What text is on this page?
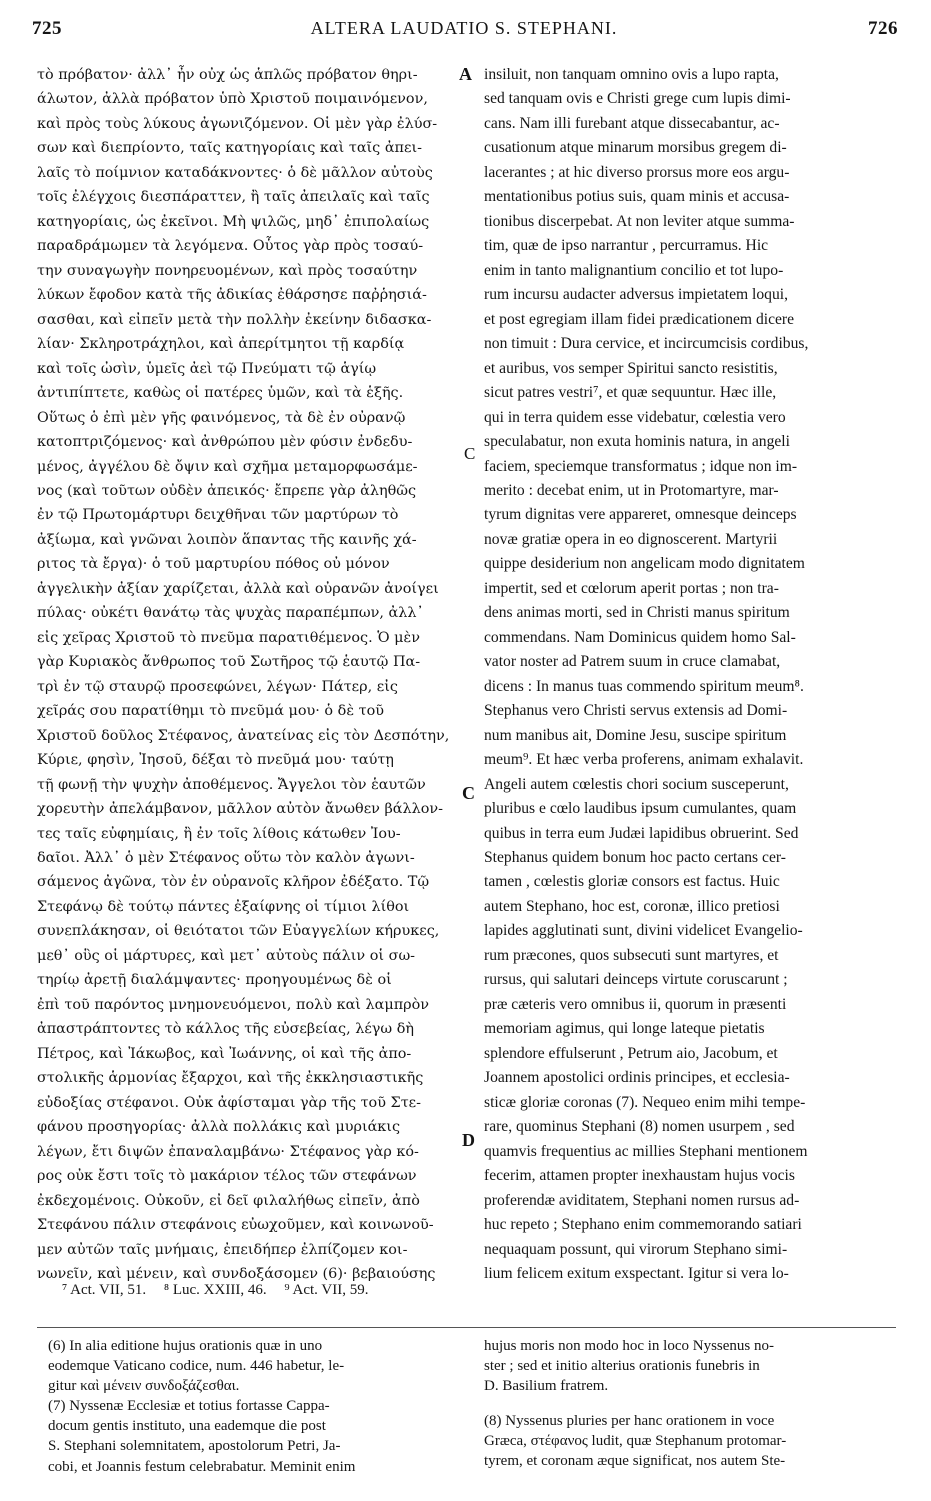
725	ALTERA LAUDATIO S. STEPHANI.	726
τὸ πρόβατον· ἀλλ᾽ ἦν οὐχ ὡς ἁπλῶς πρόβατον θηρι-
άλωτον, ἀλλὰ πρόβατον ὑπὸ Χριστοῦ ποιμαινόμενον,
καὶ πρὸς τοὺς λύκους ἀγωνιζόμενον. Οἱ μὲν γὰρ ἐλύσ-
σων καὶ διεπρίοντο, ταῖς κατηγορίαις καὶ ταῖς ἀπει-
λαῖς τὸ ποίμνιον καταδάκνοντες· ὁ δὲ μᾶλλον αὐτοὺς
τοῖς ἐλέγχοις διεσπάραττεν, ἢ ταῖς ἀπειλαῖς καὶ ταῖς
κατηγορίαις, ὡς ἐκεῖνοι. Μὴ ψιλῶς, μηδ᾽ ἐπιπολαίως
παραδράμωμεν τὰ λεγόμενα. Οὗτος γὰρ πρὸς τοσαύ-
την συναγωγὴν πονηρευομένων, καὶ πρὸς τοσαύτην
λύκων ἔφοδον κατὰ τῆς ἀδικίας ἐθάρσησε παῤῥησιά-
σασθαι, καὶ εἰπεῖν μετὰ τὴν πολλὴν ἐκείνην διδασκα-
λίαν· Σκληροτράχηλοι, καὶ ἀπερίτμητοι τῇ καρδίᾳ
καὶ τοῖς ὠσὶν, ὑμεῖς ἀεὶ τῷ Πνεύματι τῷ ἁγίῳ
ἀντιπίπτετε, καθὼς οἱ πατέρες ὑμῶν, καὶ τὰ ἑξῆς.
Οὕτως ὁ ἐπὶ μὲν γῆς φαινόμενος, τὰ δὲ ἐν οὐρανῷ
κατοπτριζόμενος· καὶ ἀνθρώπου μὲν φύσιν ἐνδεδυ-
μένος, ἀγγέλου δὲ ὄψιν καὶ σχῆμα μεταμορφωσάμε-
νος (καὶ τοῦτων οὐδὲν ἀπεικός· ἔπρεπε γὰρ ἀληθῶς
ἐν τῷ Πρωτομάρτυρι δειχθῆναι τῶν μαρτύρων τὸ
ἀξίωμα, καὶ γνῶναι λοιπὸν ἅπαντας τῆς καινῆς χά-
ριτος τὰ ἔργα)· ὁ τοῦ μαρτυρίου πόθος οὐ μόνον
ἀγγελικὴν ἀξίαν χαρίζεται, ἀλλὰ καὶ οὐρανῶν ἀνοίγει
πύλας· οὐκέτι θανάτῳ τὰς ψυχὰς παραπέμπων, ἀλλ᾽
εἰς χεῖρας Χριστοῦ τὸ πνεῦμα παρατιθέμενος. Ὁ μὲν
γὰρ Κυριακὸς ἄνθρωπος τοῦ Σωτῆρος τῷ ἑαυτῷ Πα-
τρὶ ἐν τῷ σταυρῷ προσεφώνει, λέγων· Πάτερ, εἰς
χεῖράς σου παρατίθημι τὸ πνεῦμά μου· ὁ δὲ τοῦ
Χριστοῦ δοῦλος Στέφανος, ἀνατείνας εἰς τὸν Δεσπότην,
Κύριε, φησὶν, Ἰησοῦ, δέξαι τὸ πνεῦμά μου· ταύτῃ
τῇ φωνῇ τὴν ψυχὴν ἀποθέμενος. Ἄγγελοι τὸν ἑαυτῶν
χορευτὴν ἀπελάμβανον, μᾶλλον αὐτὸν ἄνωθεν βάλλον-
τες ταῖς εὐφημίαις, ἢ ἐν τοῖς λίθοις κάτωθεν Ἰου-
δαῖοι. Ἀλλ᾽ ὁ μὲν Στέφανος οὕτω τὸν καλὸν ἀγωνι-
σάμενος ἀγῶνα, τὸν ἐν οὐρανοῖς κλῆρον ἐδέξατο. Τῷ
Στεφάνῳ δὲ τούτῳ πάντες ἐξαίφνης οἱ τίμιοι λίθοι
συνεπλάκησαν, οἱ θειότατοι τῶν Εὐαγγελίων κήρυκες,
μεθ᾽ οὓς οἱ μάρτυρες, καὶ μετ᾽ αὐτοὺς πάλιν οἱ σω-
τηρίῳ ἀρετῇ διαλάμψαντες· προηγουμένως δὲ οἱ
ἐπὶ τοῦ παρόντος μνημονευόμενοι, πολὺ καὶ λαμπρὸν
ἀπαστράπτοντες τὸ κάλλος τῆς εὐσεβείας, λέγω δὴ
Πέτρος, καὶ Ἰάκωβος, καὶ Ἰωάννης, οἱ καὶ τῆς ἀπο-
στολικῆς ἁρμονίας ἔξαρχοι, καὶ τῆς ἐκκλησιαστικῆς
εὐδοξίας στέφανοι. Οὐκ ἀφίσταμαι γὰρ τῆς τοῦ Στε-
φάνου προσηγορίας· ἀλλὰ πολλάκις καὶ μυριάκις
λέγων, ἔτι διψῶν ἐπαναλαμβάνω· Στέφανος γὰρ κό-
ρος οὐκ ἔστι τοῖς τὸ μακάριον τέλος τῶν στεφάνων
ἐκδεχομένοις. Οὐκοῦν, εἰ δεῖ φιλαλήθως εἰπεῖν, ἀπὸ
Στεφάνου πάλιν στεφάνοις εὐωχοῦμεν, καὶ κοινωνοῦ-
μεν αὐτῶν ταῖς μνήμαις, ἐπειδήπερ ἐλπίζομεν κοι-
νωνεῖν, καὶ μένειν, καὶ συνδοξάσομεν (6)· βεβαιούσης
insiluit, non tanquam omnino ovis a lupo rapta,
sed tanquam ovis e Christi grege cum lupis dimi-
cans. Nam illi furebant atque dissecabantur, ac-
cusationum atque minarum morsibus gregem di-
lacerantes ; at hic diverso prorsus more eos argu-
mentationibus potius suis, quam minis et accusa-
tionibus discerpebat. At non leviter atque summa-
tim, quæ de ipso narrantur , percurramus. Hic
enim in tanto malignantium concilio et tot lupo-
rum incursu audacter adversus impietatem loqui,
et post egregiam illam fidei prædicationem dicere
non timuit : Dura cervice, et incircumcisis cordibus,
et auribus, vos semper Spiritui sancto resistitis,
sicut patres vestri⁷, et quæ sequuntur. Hæc ille,
qui in terra quidem esse videbatur, cœlestia vero
speculabatur, non exuta hominis natura, in angeli
faciem, speciemque transformatus ; idque non im-
merito : decebat enim, ut in Protomartyre, mar-
tyrum dignitas vere appareret, omnesque deinceps
novæ gratiæ opera in eo dignoscerent. Martyrii
quippe desiderium non angelicam modo dignitatem
impertit, sed et cœlorum aperit portas ; non tra-
dens animas morti, sed in Christi manus spiritum
commendans. Nam Dominicus quidem homo Sal-
vator noster ad Patrem suum in cruce clamabat,
dicens : In manus tuas commendo spiritum meum⁸.
Stephanus vero Christi servus extensis ad Domi-
num manibus ait, Domine Jesu, suscipe spiritum
meum⁹. Et hæc verba proferens, animam exhalavit.
Angeli autem cœlestis chori socium susceperunt,
pluribus e cœlo laudibus ipsum cumulantes, quam
quibus in terra eum Judæi lapidibus obruerint. Sed
Stephanus quidem bonum hoc pacto certans cer-
tamen , cœlestis gloriæ consors est factus. Huic
autem Stephano, hoc est, coronæ, illico pretiosi
lapides agglutinati sunt, divini videlicet Evangelio-
rum præcones, quos subsecuti sunt martyres, et
rursus, qui salutari deinceps virtute coruscarunt ;
præ cæteris vero omnibus ii, quorum in præsenti
memoriam agimus, qui longe lateque pietatis
splendore effulserunt , Petrum aio, Jacobum, et
Joannem apostolici ordinis principes, et ecclesia-
sticæ gloriæ coronas (7). Nequeo enim mihi tempe-
rare, quominus Stephani (8) nomen usurpem , sed
quamvis frequentius ac millies Stephani mentionem
fecerim, attamen propter inexhaustam hujus vocis
proferendæ aviditatem, Stephani nomen rursus ad-
huc repeto ; Stephano enim commemorando satiari
nequaquam possunt, qui virorum Stephano simi-
lium felicem exitum exspectant. Igitur si vera lo-
A
C
C
D
⁷ Act. VII, 51. ⁸ Luc. XXIII, 46. ⁹ Act. VII, 59.
(6) In alia editione hujus orationis quæ in uno
eodemque Vaticano codice, num. 446 habetur, le-
gitur καὶ μένειν συνδοξάζεσθαι.
(7) Nyssenæ Ecclesiæ et totius fortasse Cappa-
docum gentis instituto, una eademque die post
S. Stephani solemnitatem, apostolorum Petri, Ja-
cobi, et Joannis festum celebrabatur. Meminit enim
hujus moris non modo hoc in loco Nyssenus no-
ster ; sed et initio alterius orationis funebris in
D. Basilium fratrem.
(8) Nyssenus pluries per hanc orationem in voce
Græca, στέφανος ludit, quæ Stephanum protomar-
tyrem, et coronam æque significat, nos autem Ste-
